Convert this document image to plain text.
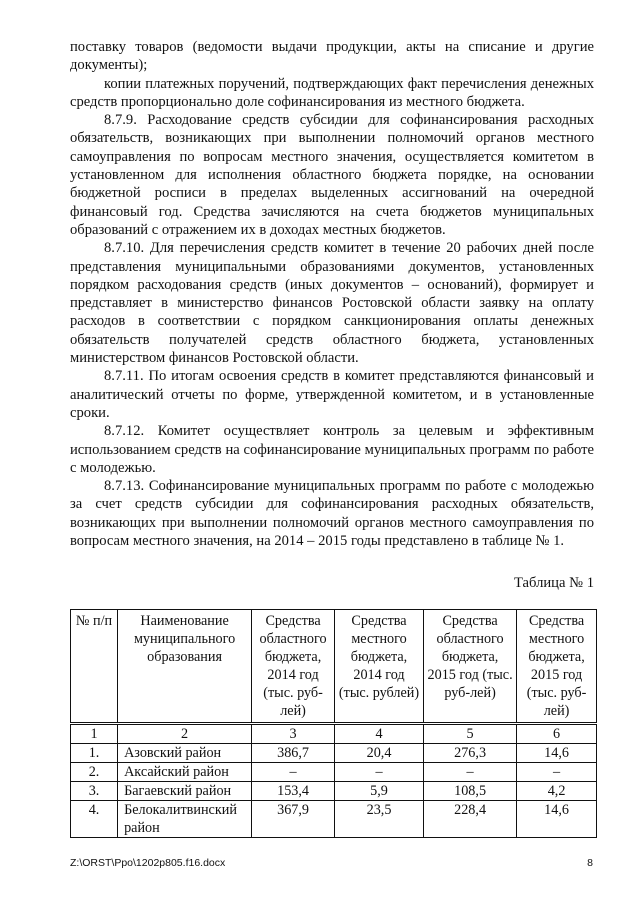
поставку товаров (ведомости выдачи продукции, акты на списание и другие документы);

копии платежных поручений, подтверждающих факт перечисления денежных средств пропорционально доле софинансирования из местного бюджета.

8.7.9. Расходование средств субсидии для софинансирования расходных обязательств, возникающих при выполнении полномочий органов местного самоуправления по вопросам местного значения, осуществляется комитетом в установленном для исполнения областного бюджета порядке, на основании бюджетной росписи в пределах выделенных ассигнований на очередной финансовый год. Средства зачисляются на счета бюджетов муниципальных образований с отражением их в доходах местных бюджетов.

8.7.10. Для перечисления средств комитет в течение 20 рабочих дней после представления муниципальными образованиями документов, установленных порядком расходования средств (иных документов – оснований), формирует и представляет в министерство финансов Ростовской области заявку на оплату расходов в соответствии с порядком санкционирования оплаты денежных обязательств получателей средств областного бюджета, установленных министерством финансов Ростовской области.

8.7.11. По итогам освоения средств в комитет представляются финансовый и аналитический отчеты по форме, утвержденной комитетом, и в установленные сроки.

8.7.12. Комитет осуществляет контроль за целевым и эффективным использованием средств на софинансирование муниципальных программ по работе с молодежью.

8.7.13. Софинансирование муниципальных программ по работе с молодежью за счет средств субсидии для софинансирования расходных обязательств, возникающих при выполнении полномочий органов местного самоуправления по вопросам местного значения, на 2014 – 2015 годы представлено в таблице № 1.

Таблица № 1
№ п/п	Наименование муниципального образования	Средства областного бюджета, 2014 год (тыс. руб-лей)	Средства местного бюджета, 2014 год (тыс. рублей)	Средства областного бюджета, 2015 год (тыс. руб-лей)	Средства местного бюджета, 2015 год (тыс. руб-лей)
1	2	3	4	5	6
1.	Азовский район	386,7	20,4	276,3	14,6
2.	Аксайский район	–	–	–	–
3.	Багаевский район	153,4	5,9	108,5	4,2
4.	Белокалитвинский район	367,9	23,5	228,4	14,6
Z:\ORST\Ppo\1202p805.f16.docx	8
